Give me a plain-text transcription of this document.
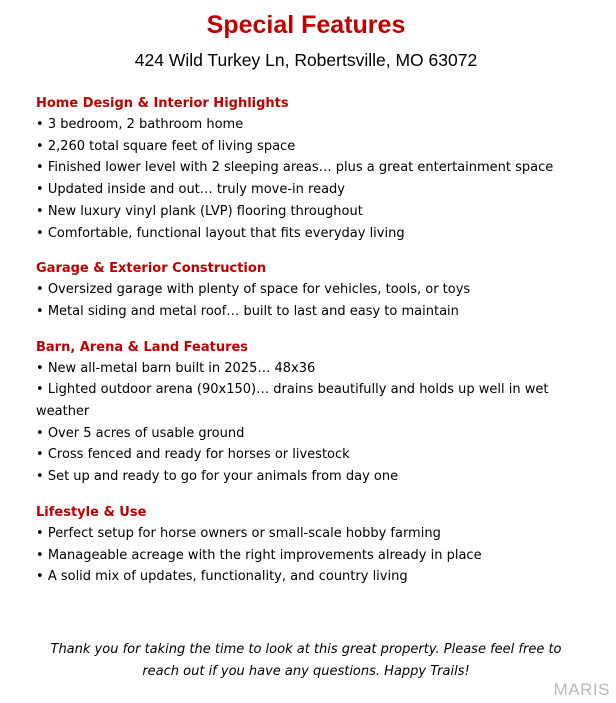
Special Features
424 Wild Turkey Ln, Robertsville, MO 63072
Home Design & Interior Highlights
• 3 bedroom, 2 bathroom home
• 2,260 total square feet of living space
• Finished lower level with 2 sleeping areas… plus a great entertainment space
• Updated inside and out… truly move-in ready
• New luxury vinyl plank (LVP) flooring throughout
• Comfortable, functional layout that fits everyday living
Garage & Exterior Construction
• Oversized garage with plenty of space for vehicles, tools, or toys
• Metal siding and metal roof… built to last and easy to maintain
Barn, Arena & Land Features
• New all-metal barn built in 2025… 48x36
• Lighted outdoor arena (90x150)… drains beautifully and holds up well in wet weather
• Over 5 acres of usable ground
• Cross fenced and ready for horses or livestock
• Set up and ready to go for your animals from day one
Lifestyle & Use
• Perfect setup for horse owners or small-scale hobby farming
• Manageable acreage with the right improvements already in place
• A solid mix of updates, functionality, and country living
Thank you for taking the time to look at this great property. Please feel free to
reach out if you have any questions. Happy Trails!
MARIS
